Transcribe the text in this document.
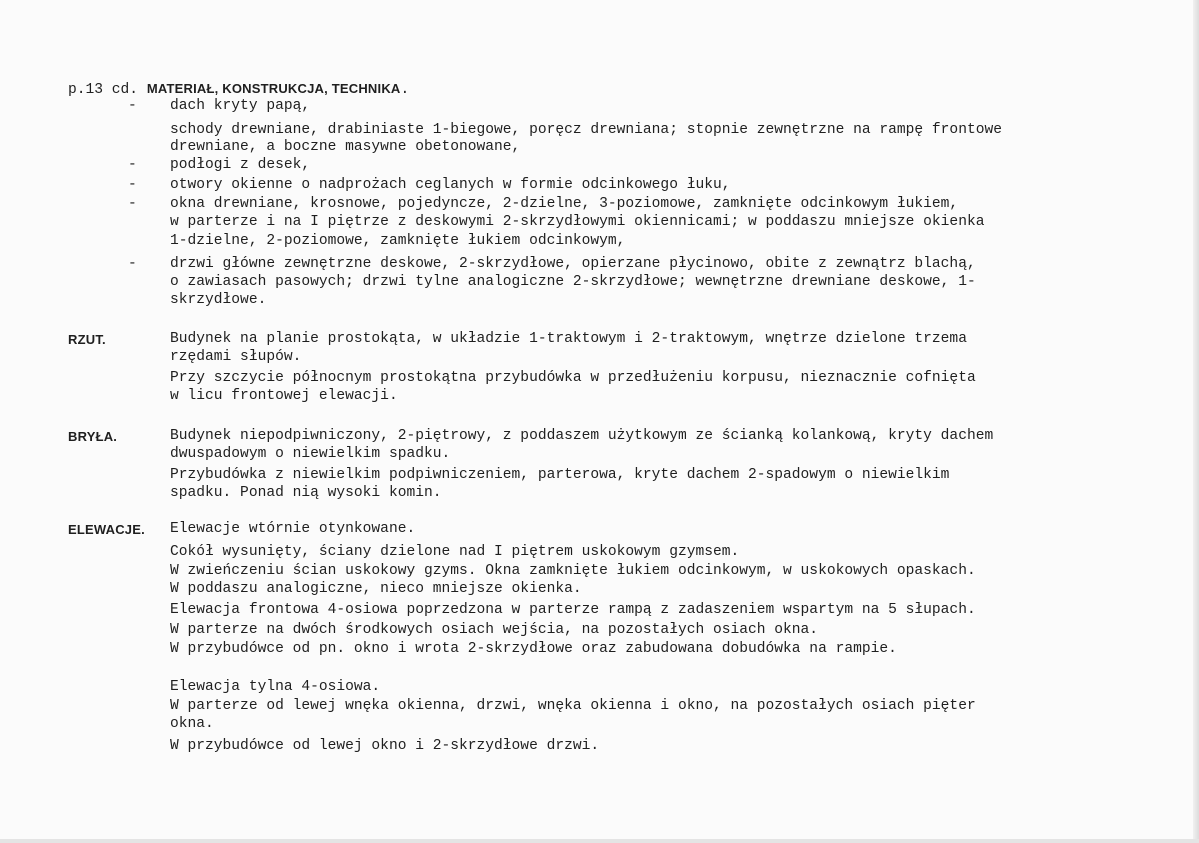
p.13 cd. MATERIAŁ, KONSTRUKCJA, TECHNIKA.
- dach kryty papą,
schody drewniane, drabiniaste 1-biegowe, poręcz drewniana; stopnie zewnętrzne na rampę frontowe
drewniane, a boczne masywne obetonowane,
- podłogi z desek,
- otwory okienne o nadprożach ceglanych w formie odcinkowego łuku,
- okna drewniane, krosnowe, pojedyncze, 2-dzielne, 3-poziomowe, zamknięte odcinkowym łukiem,
w parterze i na I piętrze z deskowymi 2-skrzydłowymi okiennicami; w poddaszu mniejsze okienka
1-dzielne, 2-poziomowe, zamknięte łukiem odcinkowym,
- drzwi główne zewnętrzne deskowe, 2-skrzydłowe, opierzane płycinowo, obite z zewnątrz blachą,
o zawiasach pasowych; drzwi tylne analogiczne 2-skrzydłowe; wewnętrzne drewniane deskowe, 1-
skrzydłowe.
RZUT.	Budynek na planie prostokąta, w układzie 1-traktowym i 2-traktowym, wnętrze dzielone trzema
rzędami słupów.
Przy szczycie północnym prostokątna przybudówka w przedłużeniu korpusu, nieznacznie cofnięta
w licu frontowej elewacji.
BRYŁA.	Budynek niepodpiwniczony, 2-piętrowy, z poddaszem użytkowym ze ścianką kolankową, kryty dachem
dwuspadowym o niewielkim spadku.
Przybudówka z niewielkim podpiwniczeniem, parterowa, kryte dachem 2-spadowym o niewielkim
spadku. Ponad nią wysoki komin.
ELEWACJE. Elewacje wtórnie otynkowane.
Cokół wysunięty, ściany dzielone nad I piętrem uskokowym gzymsem.
W zwieńczeniu ścian uskokowy gzyms. Okna zamknięte łukiem odcinkowym, w uskokowych opaskach.
W poddaszu analogiczne, nieco mniejsze okienka.
Elewacja frontowa 4-osiowa poprzedzona w parterze rampą z zadaszeniem wspartym na 5 słupach.
W parterze na dwóch środkowych osiach wejścia, na pozostałych osiach okna.
W przybudówce od pn. okno i wrota 2-skrzydłowe oraz zabudowana dobudówka na rampie.
Elewacja tylna 4-osiowa.
W parterze od lewej wnęka okienna, drzwi, wnęka okienna i okno, na pozostałych osiach pięter
okna.
W przybudówce od lewej okno i 2-skrzydłowe drzwi.
